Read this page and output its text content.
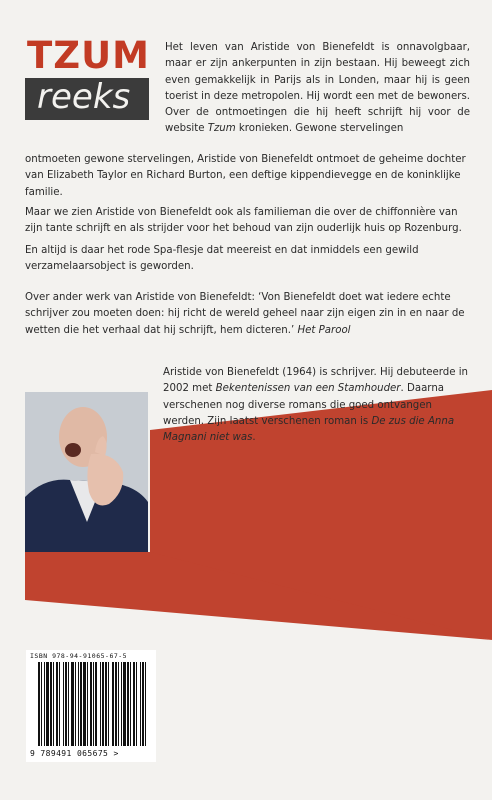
TZUM
reeks
Het leven van Aristide von Bienefeldt is onnavolgbaar, maar er zijn ankerpunten in zijn bestaan. Hij beweegt zich even gemakkelijk in Parijs als in Londen, maar hij is geen toerist in deze metropolen. Hij wordt een met de bewoners. Over de ontmoetingen die hij heeft schrijft hij voor de website Tzum kronieken. Gewone stervelingen
ontmoeten gewone stervelingen, Aristide von Bienefeldt ontmoet de geheime dochter van Elizabeth Taylor en Richard Burton, een deftige kippendievegge en de koninklijke familie.
Maar we zien Aristide von Bienefeldt ook als familieman die over de chiffonnière van zijn tante schrijft en als strijder voor het behoud van zijn ouderlijk huis op Rozenburg.
En altijd is daar het rode Spa-flesje dat meereist en dat inmiddels een gewild verzamelaarsobject is geworden.
Over ander werk van Aristide von Bienefeldt: ‘Von Bienefeldt doet wat iedere echte schrijver zou moeten doen: hij richt de wereld geheel naar zijn eigen zin in en naar de wetten die het verhaal dat hij schrijft, hem dicteren.’ Het Parool
Aristide von Bienefeldt (1964) is schrijver. Hij debuteerde in 2002 met Bekentenissen van een Stamhouder. Daarna verschenen nog diverse romans die goed ontvangen werden. Zijn laatst verschenen roman is De zus die Anna Magnani niet was.
ISBN 978-94-91065-67-5
9 789491 065675 >
